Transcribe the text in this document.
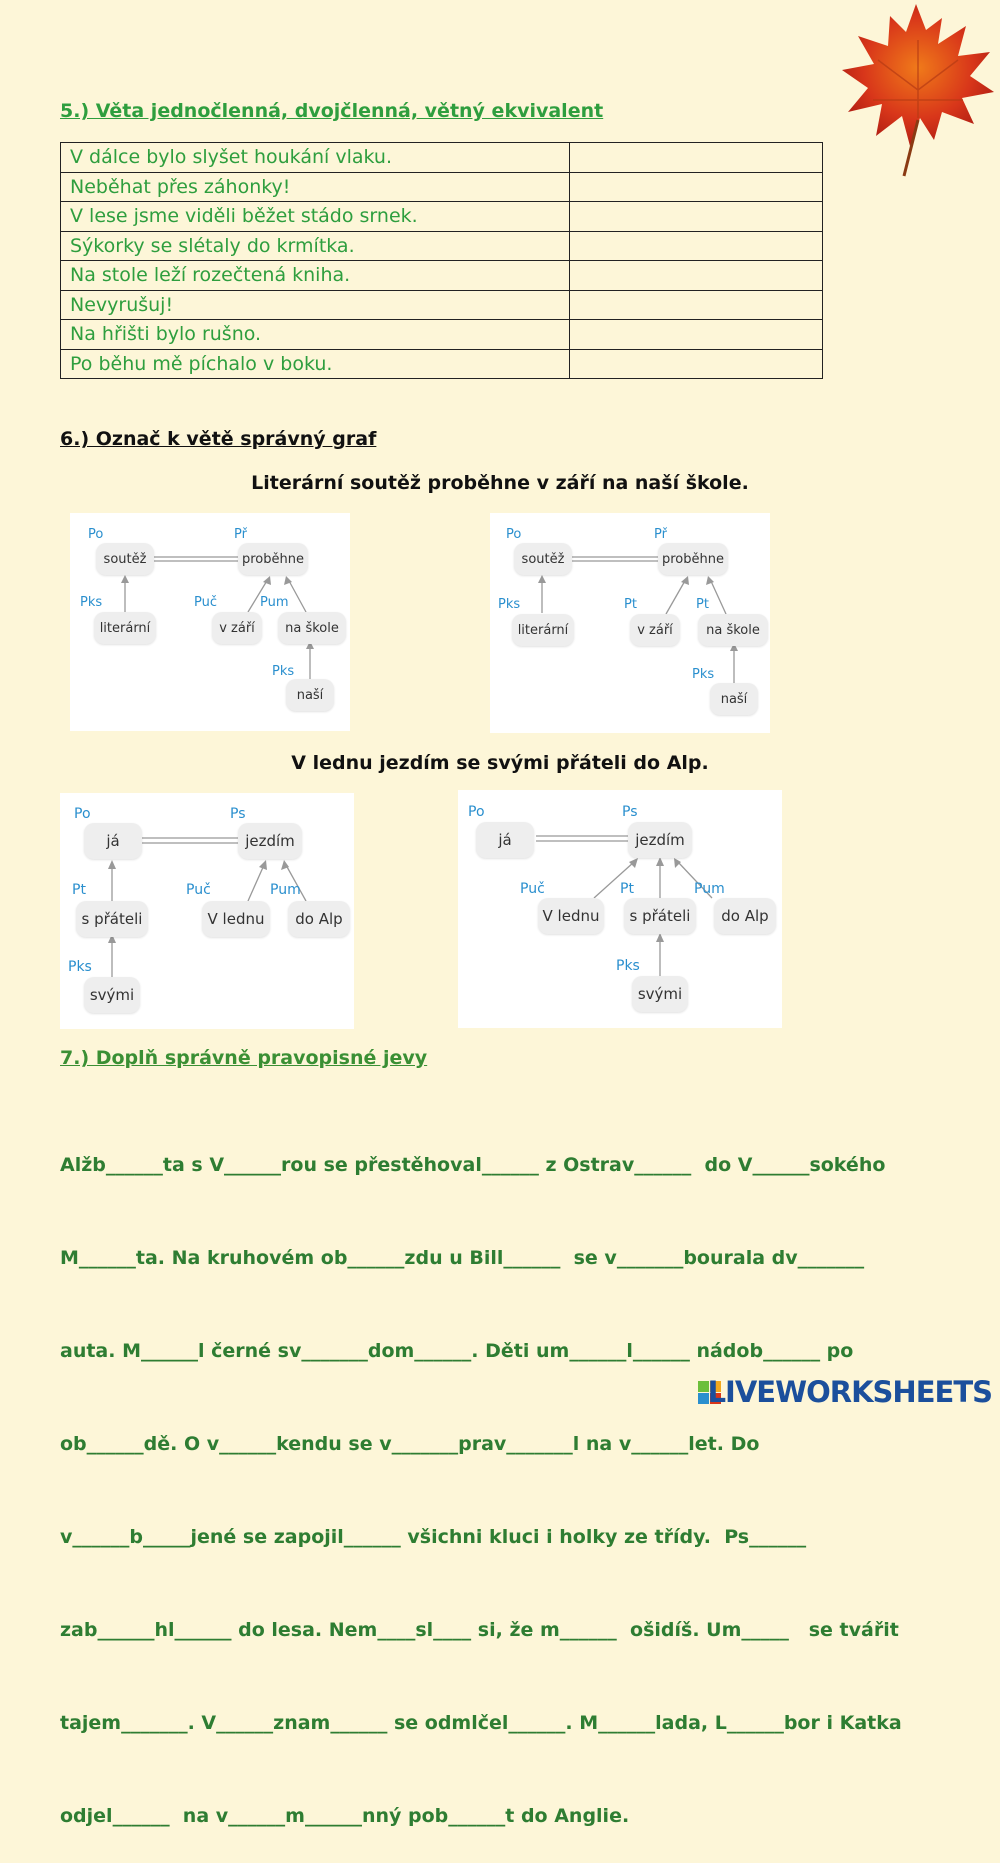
5.) Věta jednočlenná, dvojčlenná, větný ekvivalent
V dálce bylo slyšet houkání vlaku.	
Neběhat přes záhonky!	
V lese jsme viděli běžet stádo srnek.	
Sýkorky se slétaly do krmítka.	
Na stole leží rozečtená kniha.	
Nevyrušuj!	
Na hřišti bylo rušno.	
Po běhu mě píchalo v boku.	
6.) Označ k větě správný graf
Literární soutěž proběhne v září na naší škole.
Po	Př
Pks	Puč	Pum
Pks
soutěž	proběhne
literární	v září	na škole
naší
Po	Př
Pks	Pt	Pt
Pks
soutěž	proběhne
literární	v září	na škole
naší
V lednu jezdím se svými přáteli do Alp.
Po	Ps
Pt	Puč	Pum
Pks
já	jezdím
s přáteli	V lednu	do Alp
svými
Po	Ps
Puč	Pt	Pum
Pks
já	jezdím
V lednu	s přáteli	do Alp
svými
7.) Doplň správně pravopisné jevy

Alžb______ta s V______rou se přestěhoval______ z Ostrav______  do V______sokého

M______ta. Na kruhovém ob______zdu u Bill______  se v_______bourala dv_______

auta. M______l černé sv_______dom______. Děti um______l______ nádob______ po

ob______dě. O v______kendu se v_______prav_______l na v______let. Do

v______b_____jené se zapojil______ všichni kluci i holky ze třídy.  Ps______

zab______hl______ do lesa. Nem____sl____ si, že m______  ošidíš. Um_____   se tvářit

tajem_______. V______znam______ se odmlčel______. M______lada, L______bor i Katka

odjel______  na v______m______nný pob______t do Anglie.

LIVEWORKSHEETS
